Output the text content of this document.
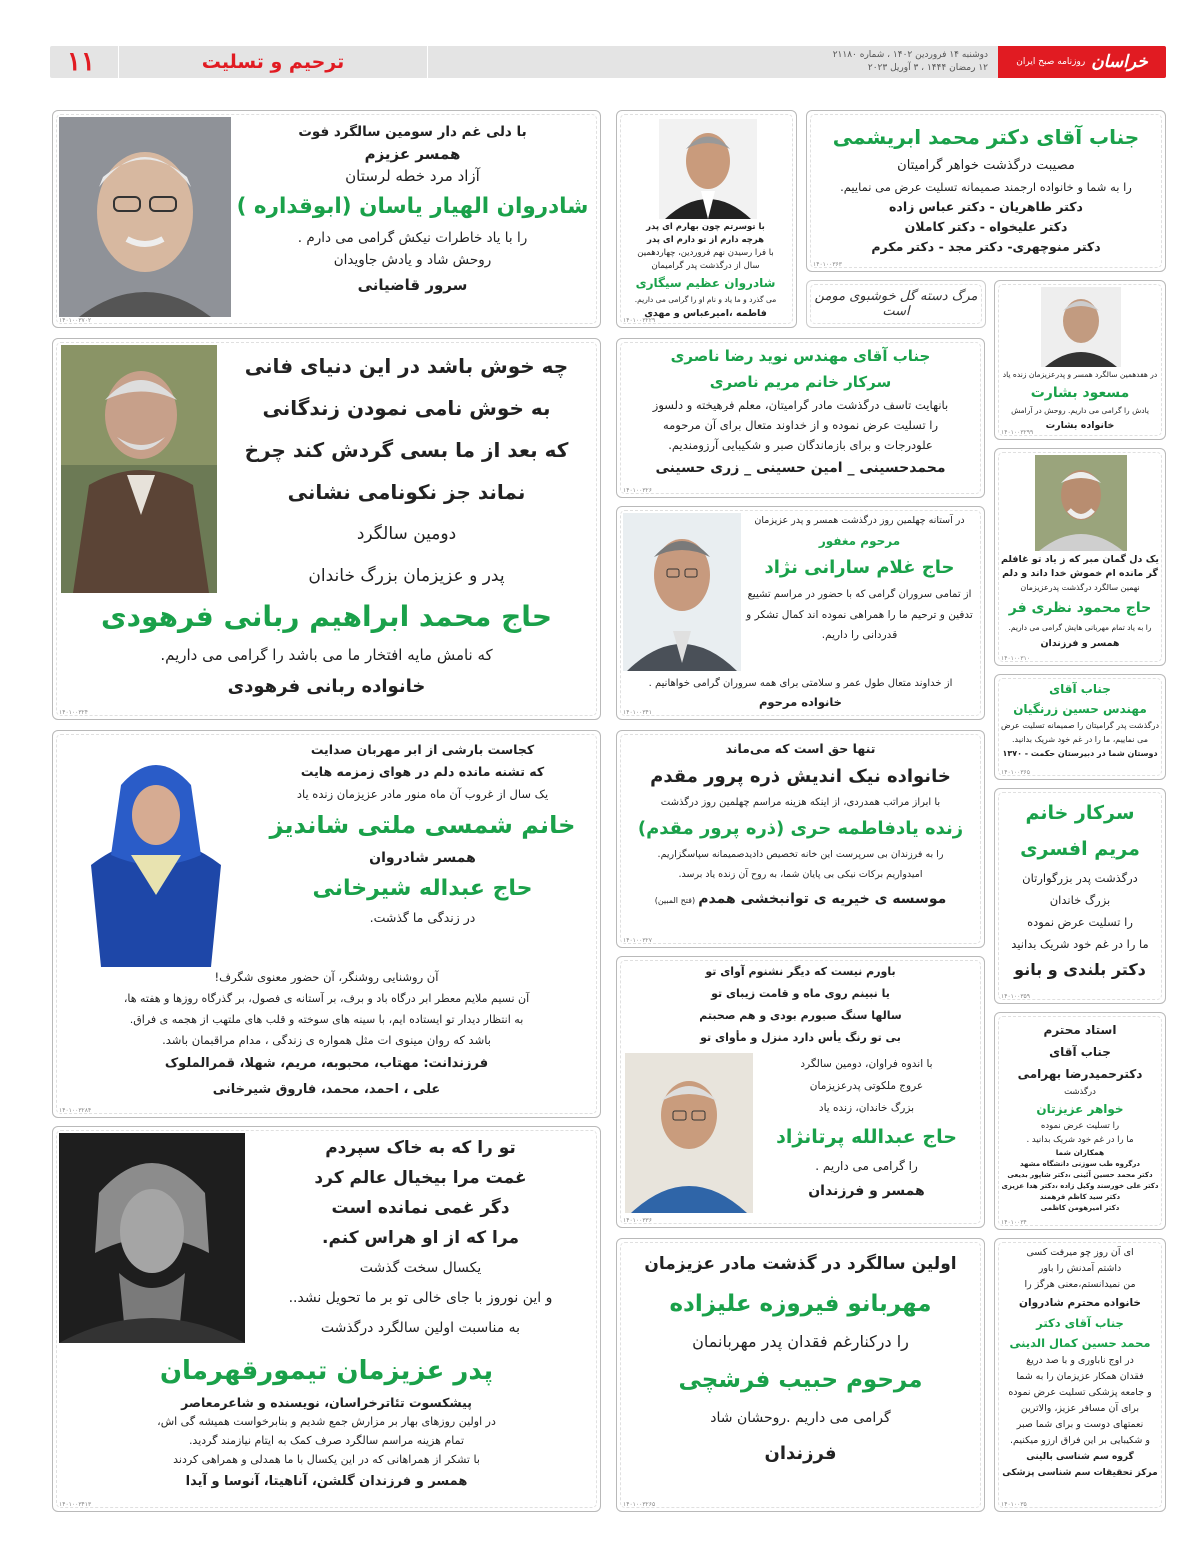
خراسان
روزنامه صبح ایران
دوشنبه ۱۴ فروردین ۱۴۰۲ ، شماره ۲۱۱۸۰
۱۲ رمضان ۱۴۴۴ ، ۳ آوریل ۲۰۲۳
ترحیم و تسلیت
۱۱
با دلی غم دار سومین سالگرد فوت
همسر عزیزم
آزاد مرد خطه لرستان
شادروان الهیار یاسان (ابوقداره )
را با یاد خاطرات نیکش گرامی می دارم .
روحش شاد و یادش جاویدان
سرور قاضیانی
۱۴۰۱۰۰۳۷۰۲
با توسرتم چون بهارم ای پدر
هرچه دارم از تو دارم ای پدر
با فرا رسیدن نهم فروردین، چهاردهمین
سال از درگذشت پدر گرامیمان
شادروان عظیم سیگاری
می گذرد و ما یاد و نام او را گرامی می داریم.
فاطمه ،امیرعباس و مهدی
۱۴۰۱۰۰۳۲۲۹
جناب آقای دکتر محمد ابریشمی
مصیبت درگذشت خواهر گرامیتان
را به شما و خانواده ارجمند صمیمانه تسلیت عرض می نماییم.
دکتر طاهریان - دکتر عباس زاده
دکتر علیخواه - دکتر کاملان
دکتر منوچهری- دکتر مجد - دکتر مکرم
۱۴۰۱۰۰۳۶۳
مرگ دسته گل خوشبوی مومن است
در هفدهمین سالگرد همسر و پدرعزیزمان زنده یاد
مسعود بشارت
یادش را گرامی می داریم. روحش در آرامش
خانواده بشارت
۱۴۰۱۰۰۳۲۹۹
چه خوش باشد در این دنیای فانی
به خوش نامی نمودن زندگانی
که بعد از ما بسی گردش کند چرخ
نماند جز نکونامی نشانی
دومین سالگرد
پدر و عزیزمان بزرگ خاندان
حاج محمد ابراهیم ربانی فرهودی
که نامش مایه افتخار ما می باشد را گرامی می داریم.
خانواده ربانی فرهودی
۱۴۰۱۰۰۳۲۴
جناب آقای مهندس نوید رضا ناصری
سرکار خانم مریم ناصری
بانهایت تاسف درگذشت مادر گرامیتان، معلم فرهیخته و دلسوز
را تسلیت عرض نموده و از خداوند متعال برای آن مرحومه
علودرجات و برای بازماندگان صبر و شکیبایی آرزومندیم.
محمدحسینی _ امین حسینی _ زری حسینی
۱۴۰۱۰۰۳۲۶
یک دل گمان مبر که ز یاد تو غافلم
گر مانده ام خموش خدا داند و دلم
نهمین سالگرد درگذشت پدرعزیزمان
حاج محمود نظری فر
را به یاد تمام مهربانی هایش گرامی می داریم.
همسر و فرزندان
۱۴۰۱۰۰۳۱۰
در آستانه چهلمین روز درگذشت همسر و پدر عزیزمان
مرحوم مغفور
حاج غلام سارانی نژاد
از تمامی سروران گرامی که با حضور در مراسم تشییع
تدفین و ترحیم ما را همراهی نموده اند کمال تشکر و
قدردانی را داریم.
از خداوند متعال طول عمر و سلامتی برای همه سروران گرامی خواهانیم .
خانواده مرحوم
۱۴۰۱۰۰۳۴۱
جناب آقای
مهندس حسین زرنگیان
درگذشت پدر گرامیتان را صمیمانه تسلیت عرض
می نماییم، ما را در غم خود شریک بدانید.
دوستان شما در دبیرستان حکمت - ۱۳۷۰
۱۴۰۱۰۰۳۶۵
کجاست بارشی از ابر مهربان صدایت
که تشنه مانده دلم در هوای زمزمه هایت
یک سال از غروب آن ماه منور مادر عزیزمان زنده یاد
خانم شمسی ملتی شاندیز
همسر شادروان
حاج عبداله شیرخانی
در زندگی ما گذشت.
آن روشنایی روشنگر، آن حضور معنوی شگرف!
آن نسیم ملایم معطر ابر درگاه باد و برف، بر آستانه ی فصول، بر گذرگاه روزها و هفته ها،
به انتظار دیدار تو ایستاده ایم، با سینه های سوخته و قلب های ملتهب از هجمه ی فراق.
باشد که روان مینوی ات مثل همواره ی زندگی ، مدام مراقبمان باشد.
فرزندانت: مهتاب، محبوبه، مریم، شهلا، قمرالملوک
علی ، احمد، محمد، فاروق شیرخانی
۱۴۰۱۰۰۳۲۸۴
تنها حق است که می‌ماند
خانواده نیک اندیش ذره پرور مقدم
با ابراز مراتب همدردی، از اینکه هزینه مراسم چهلمین روز درگذشت
زنده یادفاطمه حری (ذره پرور مقدم)
را به فرزندان بی سرپرست این خانه تخصیص دادیدصمیمانه سپاسگزاریم.
امیدواریم برکات نیکی بی پایان شما، به روح آن زنده یاد برسد.
موسسه ی خیریه ی توانبخشی همدم (فتح المبین)
۱۴۰۱۰۰۳۲۷
سرکار خانم
مریم افسری
درگذشت پدر بزرگوارتان
بزرگ خاندان
را تسلیت عرض نموده
ما را در غم خود شریک بدانید
دکتر بلندی و بانو
۱۴۰۱۰۰۳۵۹
باورم نیست که دیگر نشنوم آوای تو
یا نبینم روی ماه و قامت زیبای تو
سالها سنگ صبورم بودی و هم صحبتم
بی تو رنگ یأس دارد منزل و مأوای تو
با اندوه فراوان، دومین سالگرد
عروج ملکوتی پدرعزیزمان
بزرگ خاندان، زنده یاد
حاج عبدالله پرتانژاد
را گرامی می داریم .
همسر و فرزندان
۱۴۰۱۰۰۳۳۶
استاد محترم
جناب آقای
دکترحمیدرضا بهرامی
درگذشت
خواهر عزیزتان
را تسلیت عرض نموده
ما را در غم خود شریک بدانید .
همکاران شما
درگروه طب سوزنی دانشگاه مشهد
دکتر محمد حسین آئینی ،دکتر شاپور بدیعی
دکتر علی خورسند وکیل زاده ،دکتر هدا عزیزی
دکتر سید کاظم فرهمند
دکتر امیرهومن کاظمی
۱۴۰۱۰۰۳۴
تو را که به خاک سپردم
غمت مرا بیخیال عالم کرد
دگر غمی نمانده است
مرا که از او هراس کنم.
یکسال سخت گذشت
و این نوروز با جای خالی تو بر ما تحویل نشد..
به مناسبت اولین سالگرد درگذشت
پدر عزیزمان تیمورقهرمان
پیشکسوت تئاترخراسان، نویسنده و شاعرمعاصر
در اولین روزهای بهار بر مزارش جمع شدیم و بنابرخواست همیشه گی اش،
تمام هزینه مراسم سالگرد صرف کمک به ایتام نیازمند گردید.
با تشکر از همراهانی که در این یکسال با ما همدلی و همراهی کردند
همسر و فرزندان گلشن، آناهیتا، آنوسا و آیدا
۱۴۰۱۰۰۳۴۱۳
اولین سالگرد در گذشت مادر عزیزمان
مهربانو فیروزه علیزاده
را درکنارغم فقدان پدر مهربانمان
مرحوم حبیب فرشچی
گرامی می داریم .روحشان شاد
فرزندان
۱۴۰۱۰۰۳۲۶۵
ای آن روز چو میرفت کسی
داشتم آمدنش را باور
من نمیدانستم،معنی هرگز را
خانواده محترم شادروان
جناب آقای دکتر
محمد حسین کمال الدینی
در اوج ناباوری و با صد دریغ
فقدان همکار عزیزمان را به شما
و جامعه پزشکی تسلیت عرض نموده
برای آن مسافر عزیز، والاترین
نعمتهای دوست و برای شما صبر
و شکیبایی بر این فراق ارزو میکنیم.
گروه سم شناسی بالینی
مرکز تحقیقات سم شناسی پزشکی
۱۴۰۱۰۰۳۵
